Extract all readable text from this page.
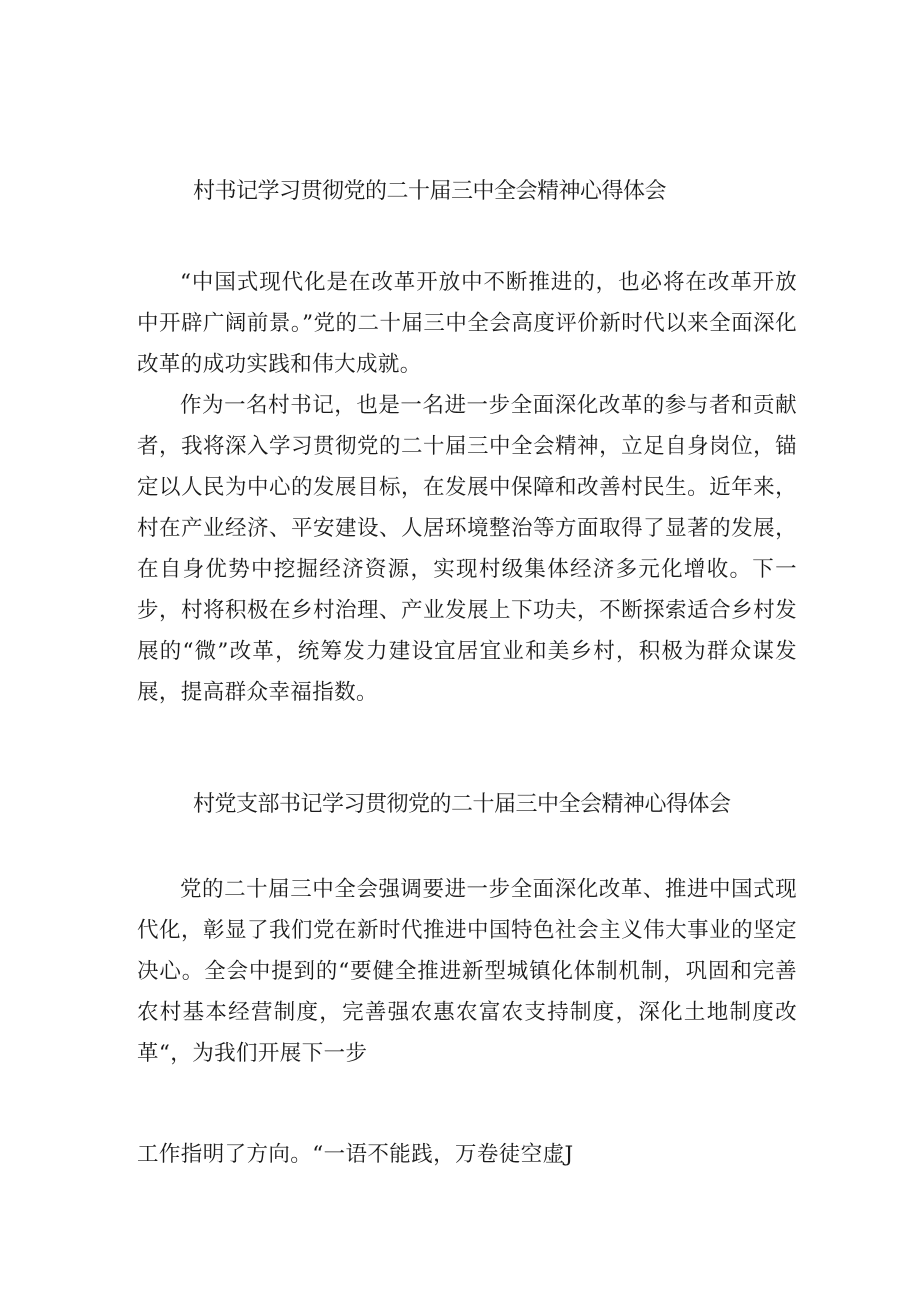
村书记学习贯彻党的二十届三中全会精神心得体会

“中国式现代化是在改革开放中不断推进的，也必将在改革开放中开辟广阔前景。”党的二十届三中全会高度评价新时代以来全面深化改革的成功实践和伟大成就。

作为一名村书记，也是一名进一步全面深化改革的参与者和贡献者，我将深入学习贯彻党的二十届三中全会精神，立足自身岗位，锚定以人民为中心的发展目标，在发展中保障和改善村民生。近年来，村在产业经济、平安建设、人居环境整治等方面取得了显著的发展，在自身优势中挖掘经济资源，实现村级集体经济多元化增收。下一步，村将积极在乡村治理、产业发展上下功夫，不断探索适合乡村发展的“微”改革，统筹发力建设宜居宜业和美乡村，积极为群众谋发展，提高群众幸福指数。

村党支部书记学习贯彻党的二十届三中全会精神心得体会

党的二十届三中全会强调要进一步全面深化改革、推进中国式现代化，彰显了我们党在新时代推进中国特色社会主义伟大事业的坚定决心。全会中提到的“要健全推进新型城镇化体制机制，巩固和完善农村基本经营制度，完善强农惠农富农支持制度，深化土地制度改革“，为我们开展下一步

工作指明了方向。“一语不能践，万卷徒空虚J
